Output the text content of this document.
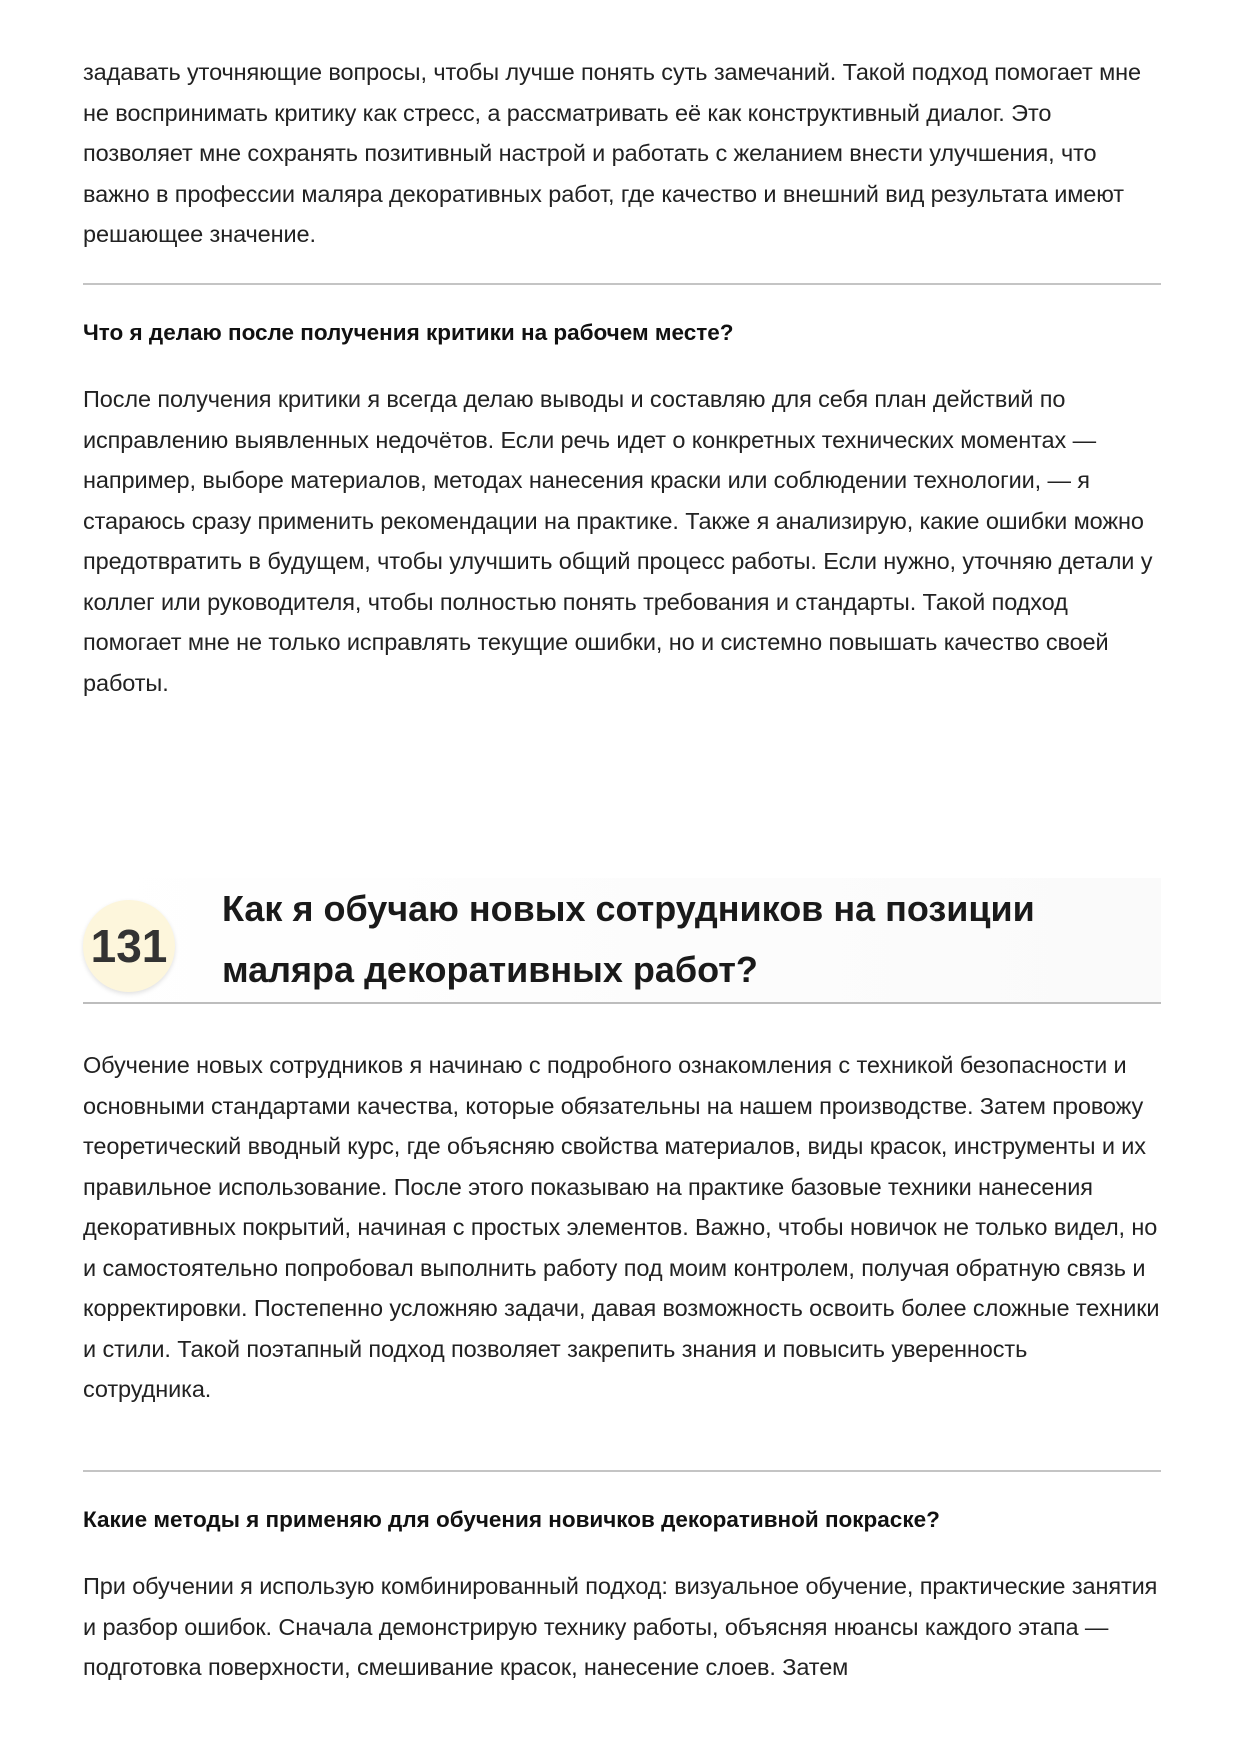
задавать уточняющие вопросы, чтобы лучше понять суть замечаний. Такой подход помогает мне не воспринимать критику как стресс, а рассматривать её как конструктивный диалог. Это позволяет мне сохранять позитивный настрой и работать с желанием внести улучшения, что важно в профессии маляра декоративных работ, где качество и внешний вид результата имеют решающее значение.

Что я делаю после получения критики на рабочем месте?

После получения критики я всегда делаю выводы и составляю для себя план действий по исправлению выявленных недочётов. Если речь идет о конкретных технических моментах — например, выборе материалов, методах нанесения краски или соблюдении технологии, — я стараюсь сразу применить рекомендации на практике. Также я анализирую, какие ошибки можно предотвратить в будущем, чтобы улучшить общий процесс работы. Если нужно, уточняю детали у коллег или руководителя, чтобы полностью понять требования и стандарты. Такой подход помогает мне не только исправлять текущие ошибки, но и системно повышать качество своей работы.

131
Как я обучаю новых сотрудников на позиции маляра декоративных работ?

Обучение новых сотрудников я начинаю с подробного ознакомления с техникой безопасности и основными стандартами качества, которые обязательны на нашем производстве. Затем провожу теоретический вводный курс, где объясняю свойства материалов, виды красок, инструменты и их правильное использование. После этого показываю на практике базовые техники нанесения декоративных покрытий, начиная с простых элементов. Важно, чтобы новичок не только видел, но и самостоятельно попробовал выполнить работу под моим контролем, получая обратную связь и корректировки. Постепенно усложняю задачи, давая возможность освоить более сложные техники и стили. Такой поэтапный подход позволяет закрепить знания и повысить уверенность сотрудника.

Какие методы я применяю для обучения новичков декоративной покраске?

При обучении я использую комбинированный подход: визуальное обучение, практические занятия и разбор ошибок. Сначала демонстрирую технику работы, объясняя нюансы каждого этапа — подготовка поверхности, смешивание красок, нанесение слоев. Затем
